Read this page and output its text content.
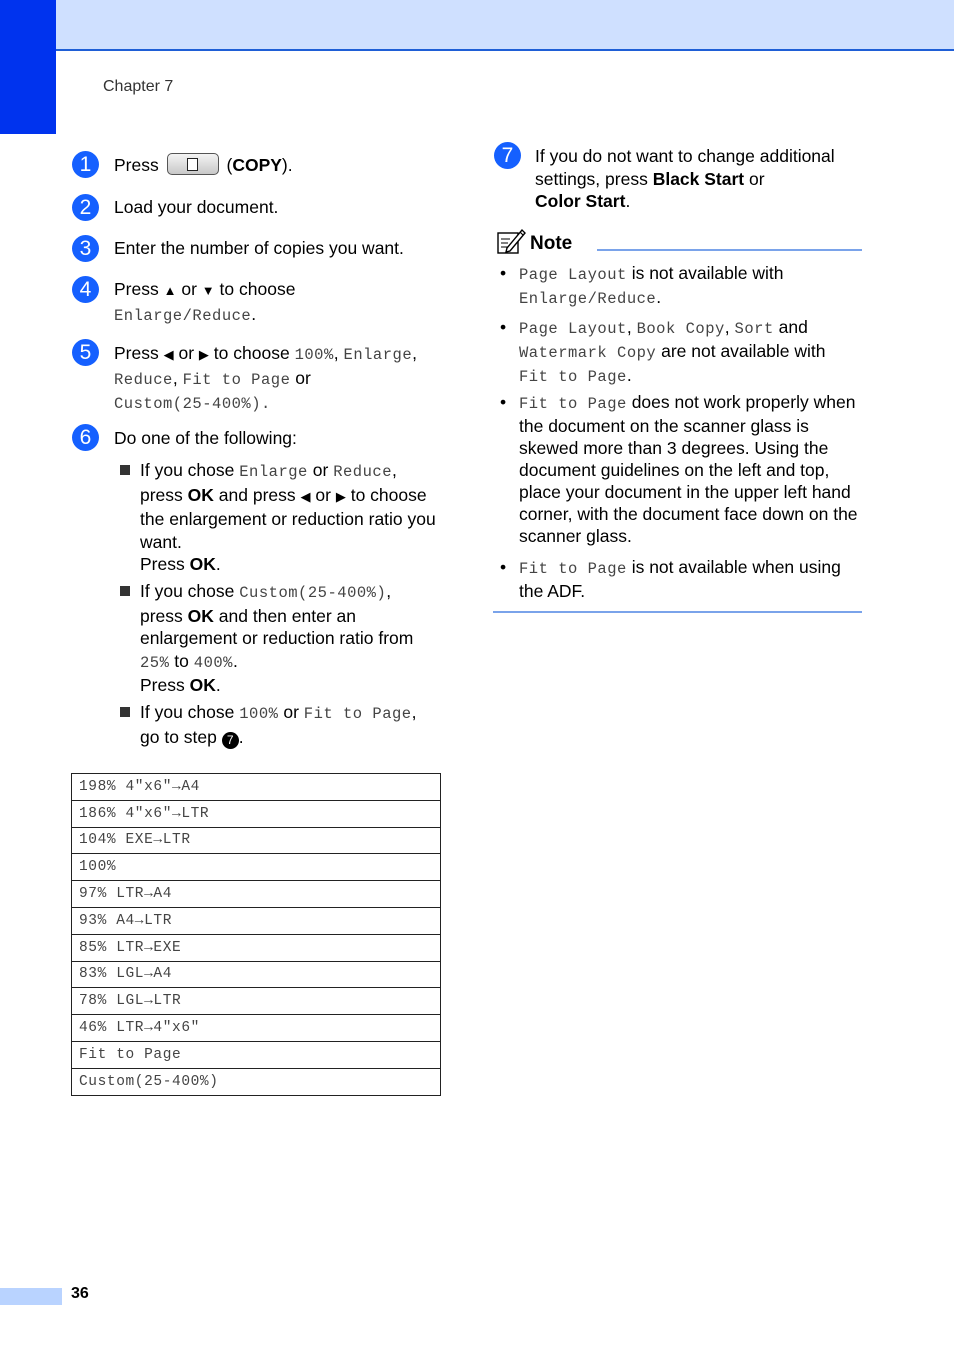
Chapter 7
1	Press	(COPY).
2	Load your document.
3	Enter the number of copies you want.
4	Press ▲ or ▼ to choose
Enlarge/Reduce.
5	Press ◀ or ▶ to choose 100%, Enlarge,
Reduce, Fit to Page or
Custom(25-400%).
6	Do one of the following:
If you chose Enlarge or Reduce,
press OK and press ◀ or ▶ to choose the enlargement or reduction ratio you want.
Press OK.
If you chose Custom(25-400%),
press OK and then enter an enlargement or reduction ratio from
25% to 400%.
Press OK.
If you chose 100% or Fit to Page,
go to step 7 .
198% 4"x6"→A4
186% 4"x6"→LTR
104% EXE→LTR
100%
97% LTR→A4
93% A4→LTR
85% LTR→EXE
83% LGL→A4
78% LGL→LTR
46% LTR→4"x6"
Fit to Page
Custom(25-400%)
7	If you do not want to change additional settings, press Black Start or
Color Start.
Note
• Page Layout is not available with
Enlarge/Reduce.
• Page Layout, Book Copy, Sort and
Watermark Copy are not available with
Fit to Page.
• Fit to Page does not work properly when the document on the scanner glass is skewed more than 3 degrees. Using the document guidelines on the left and top, place your document in the upper left hand corner, with the document face down on the scanner glass.
• Fit to Page is not available when using the ADF.
36
